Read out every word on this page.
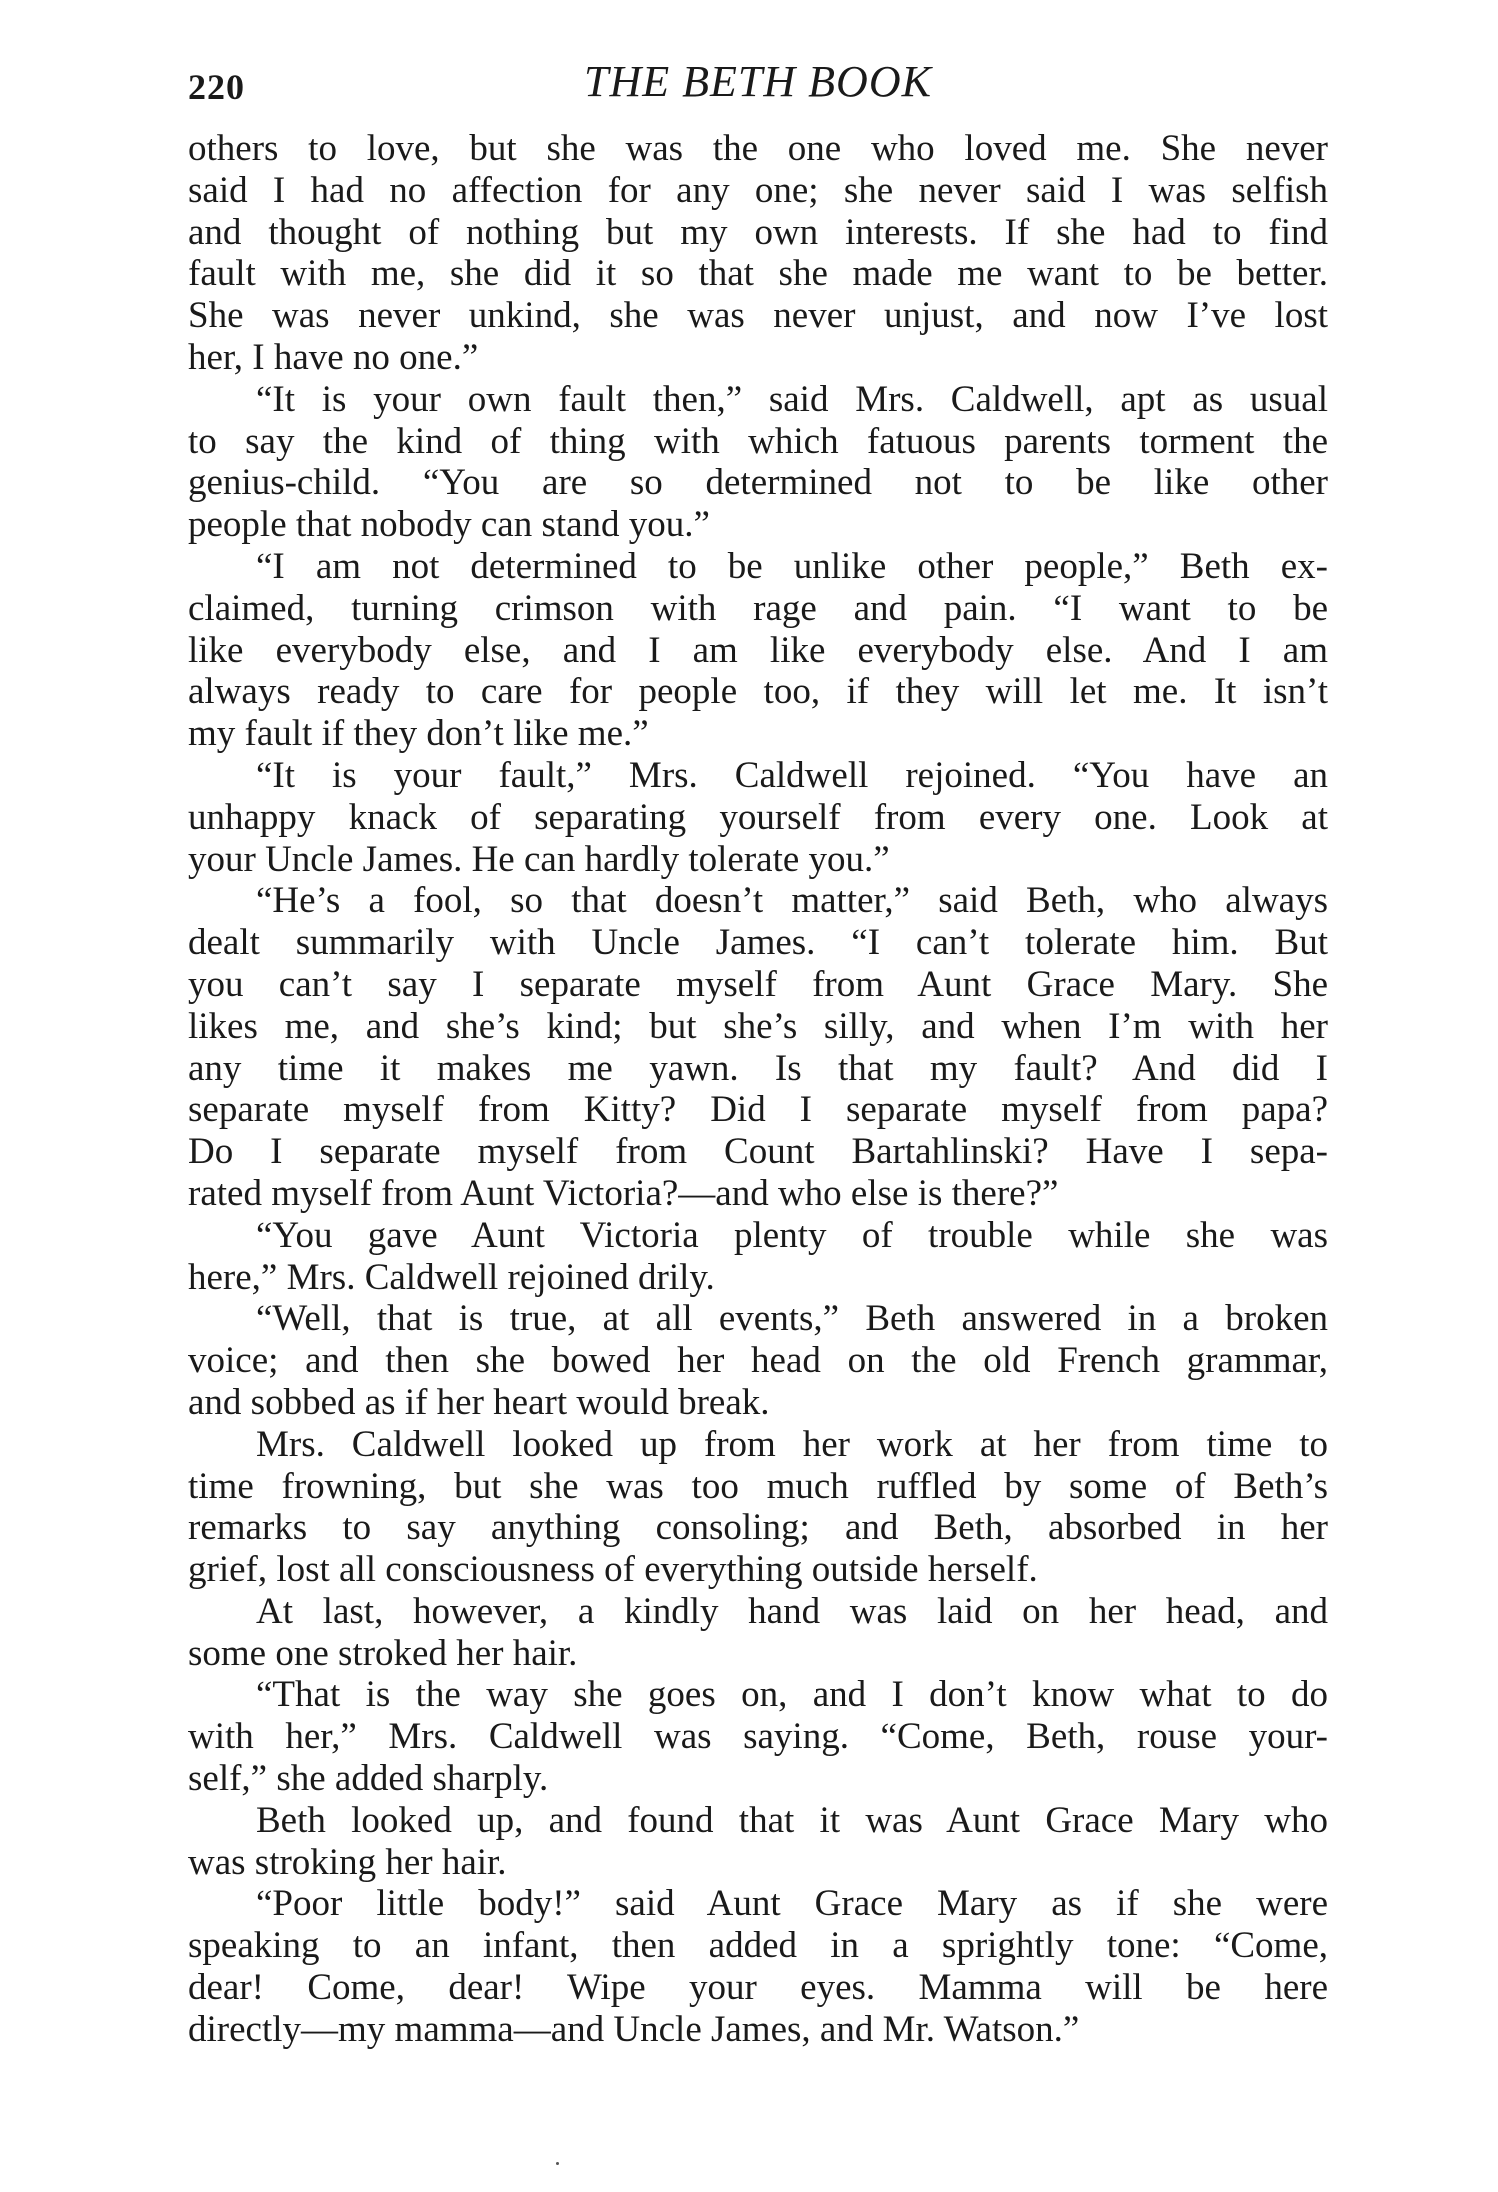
220	THE BETH BOOK
others to love, but she was the one who loved me. She never
said I had no affection for any one; she never said I was selfish
and thought of nothing but my own interests. If she had to find
fault with me, she did it so that she made me want to be better.
She was never unkind, she was never unjust, and now I’ve lost
her, I have no one.”
“It is your own fault then,” said Mrs. Caldwell, apt as usual
to say the kind of thing with which fatuous parents torment the
genius-child. “You are so determined not to be like other
people that nobody can stand you.”
“I am not determined to be unlike other people,” Beth ex-
claimed, turning crimson with rage and pain. “I want to be
like everybody else, and I am like everybody else. And I am
always ready to care for people too, if they will let me. It isn’t
my fault if they don’t like me.”
“It is your fault,” Mrs. Caldwell rejoined. “You have an
unhappy knack of separating yourself from every one. Look at
your Uncle James. He can hardly tolerate you.”
“He’s a fool, so that doesn’t matter,” said Beth, who always
dealt summarily with Uncle James. “I can’t tolerate him. But
you can’t say I separate myself from Aunt Grace Mary. She
likes me, and she’s kind; but she’s silly, and when I’m with her
any time it makes me yawn. Is that my fault? And did I
separate myself from Kitty? Did I separate myself from papa?
Do I separate myself from Count Bartahlinski? Have I sepa-
rated myself from Aunt Victoria?—and who else is there?”
“You gave Aunt Victoria plenty of trouble while she was
here,” Mrs. Caldwell rejoined drily.
“Well, that is true, at all events,” Beth answered in a broken
voice; and then she bowed her head on the old French grammar,
and sobbed as if her heart would break.
Mrs. Caldwell looked up from her work at her from time to
time frowning, but she was too much ruffled by some of Beth’s
remarks to say anything consoling; and Beth, absorbed in her
grief, lost all consciousness of everything outside herself.
At last, however, a kindly hand was laid on her head, and
some one stroked her hair.
“That is the way she goes on, and I don’t know what to do
with her,” Mrs. Caldwell was saying. “Come, Beth, rouse your-
self,” she added sharply.
Beth looked up, and found that it was Aunt Grace Mary who
was stroking her hair.
“Poor little body!” said Aunt Grace Mary as if she were
speaking to an infant, then added in a sprightly tone: “Come,
dear! Come, dear! Wipe your eyes. Mamma will be here
directly—my mamma—and Uncle James, and Mr. Watson.”
